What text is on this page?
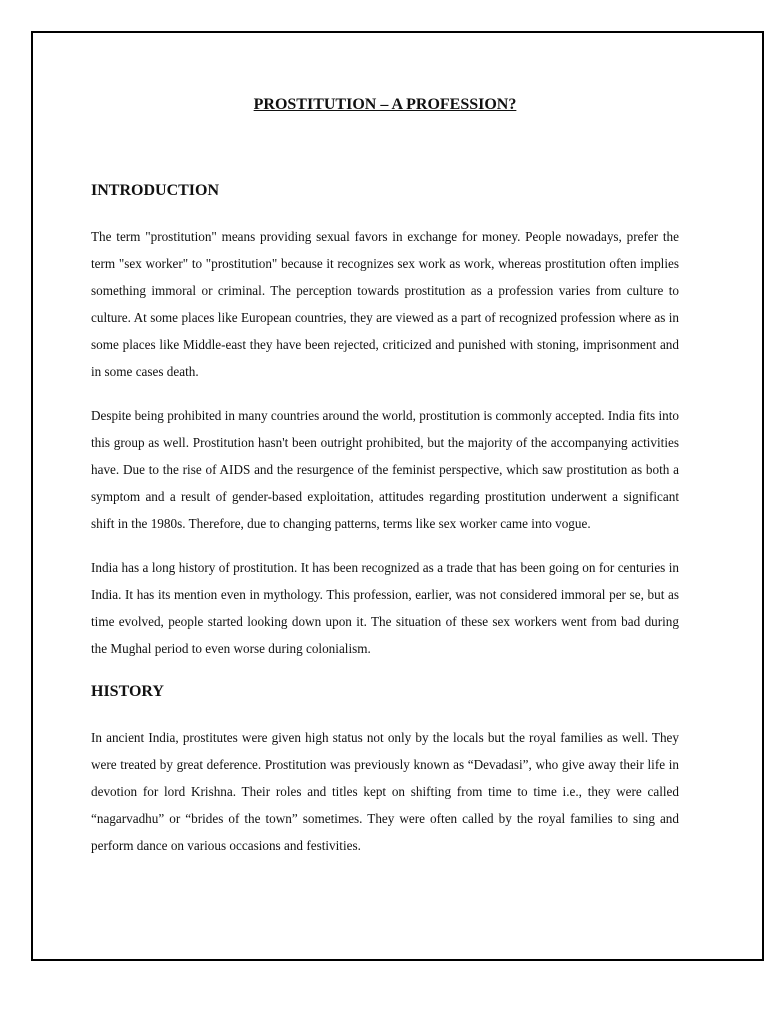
PROSTITUTION – A PROFESSION?
INTRODUCTION

The term "prostitution" means providing sexual favors in exchange for money. People nowadays, prefer the term "sex worker" to "prostitution" because it recognizes sex work as work, whereas prostitution often implies something immoral or criminal. The perception towards prostitution as a profession varies from culture to culture. At some places like European countries, they are viewed as a part of recognized profession where as in some places like Middle-east they have been rejected, criticized and punished with stoning, imprisonment and in some cases death.

Despite being prohibited in many countries around the world, prostitution is commonly accepted. India fits into this group as well. Prostitution hasn't been outright prohibited, but the majority of the accompanying activities have. Due to the rise of AIDS and the resurgence of the feminist perspective, which saw prostitution as both a symptom and a result of gender-based exploitation, attitudes regarding prostitution underwent a significant shift in the 1980s. Therefore, due to changing patterns, terms like sex worker came into vogue.

India has a long history of prostitution. It has been recognized as a trade that has been going on for centuries in India. It has its mention even in mythology. This profession, earlier, was not considered immoral per se, but as time evolved, people started looking down upon it. The situation of these sex workers went from bad during the Mughal period to even worse during colonialism.

HISTORY

In ancient India, prostitutes were given high status not only by the locals but the royal families as well. They were treated by great deference. Prostitution was previously known as “Devadasi”, who give away their life in devotion for lord Krishna. Their roles and titles kept on shifting from time to time i.e., they were called “nagarvadhu” or “brides of the town” sometimes. They were often called by the royal families to sing and perform dance on various occasions and festivities.
